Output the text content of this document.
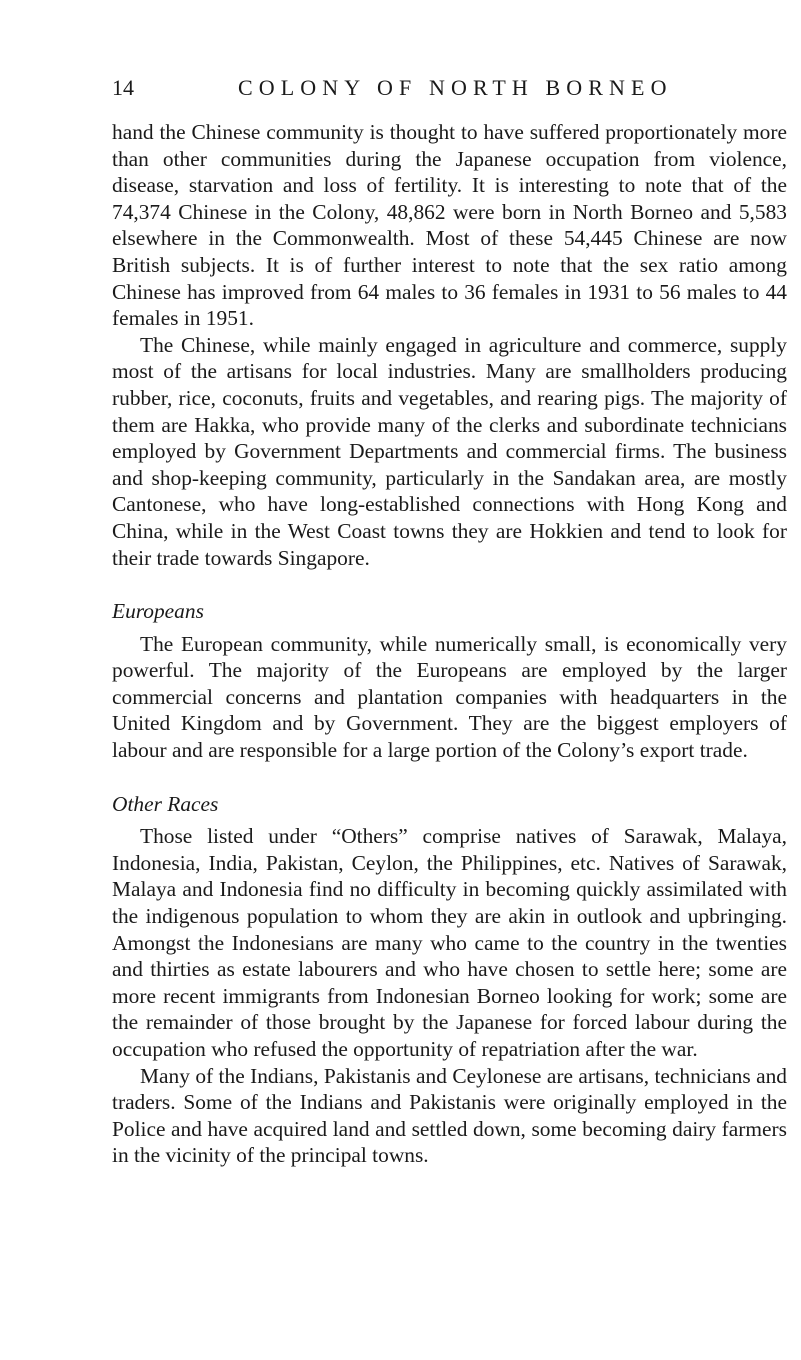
14	COLONY OF NORTH BORNEO

hand the Chinese community is thought to have suffered proportionately more than other communities during the Japanese occupation from violence, disease, starvation and loss of fertility. It is interesting to note that of the 74,374 Chinese in the Colony, 48,862 were born in North Borneo and 5,583 elsewhere in the Commonwealth. Most of these 54,445 Chinese are now British subjects. It is of further interest to note that the sex ratio among Chinese has improved from 64 males to 36 females in 1931 to 56 males to 44 females in 1951.

The Chinese, while mainly engaged in agriculture and commerce, supply most of the artisans for local industries. Many are smallholders producing rubber, rice, coconuts, fruits and vegetables, and rearing pigs. The majority of them are Hakka, who provide many of the clerks and subordinate technicians employed by Government Departments and commercial firms. The business and shop-keeping community, particularly in the Sandakan area, are mostly Cantonese, who have long-established connections with Hong Kong and China, while in the West Coast towns they are Hokkien and tend to look for their trade towards Singapore.

Europeans

The European community, while numerically small, is economically very powerful. The majority of the Europeans are employed by the larger commercial concerns and plantation companies with headquarters in the United Kingdom and by Government. They are the biggest employers of labour and are responsible for a large portion of the Colony’s export trade.

Other Races

Those listed under “Others” comprise natives of Sarawak, Malaya, Indonesia, India, Pakistan, Ceylon, the Philippines, etc. Natives of Sarawak, Malaya and Indonesia find no difficulty in becoming quickly assimilated with the indigenous population to whom they are akin in outlook and upbringing. Amongst the Indonesians are many who came to the country in the twenties and thirties as estate labourers and who have chosen to settle here; some are more recent immigrants from Indonesian Borneo looking for work; some are the remainder of those brought by the Japanese for forced labour during the occupation who refused the opportunity of repatriation after the war.

Many of the Indians, Pakistanis and Ceylonese are artisans, technicians and traders. Some of the Indians and Pakistanis were originally employed in the Police and have acquired land and settled down, some becoming dairy farmers in the vicinity of the principal towns.
